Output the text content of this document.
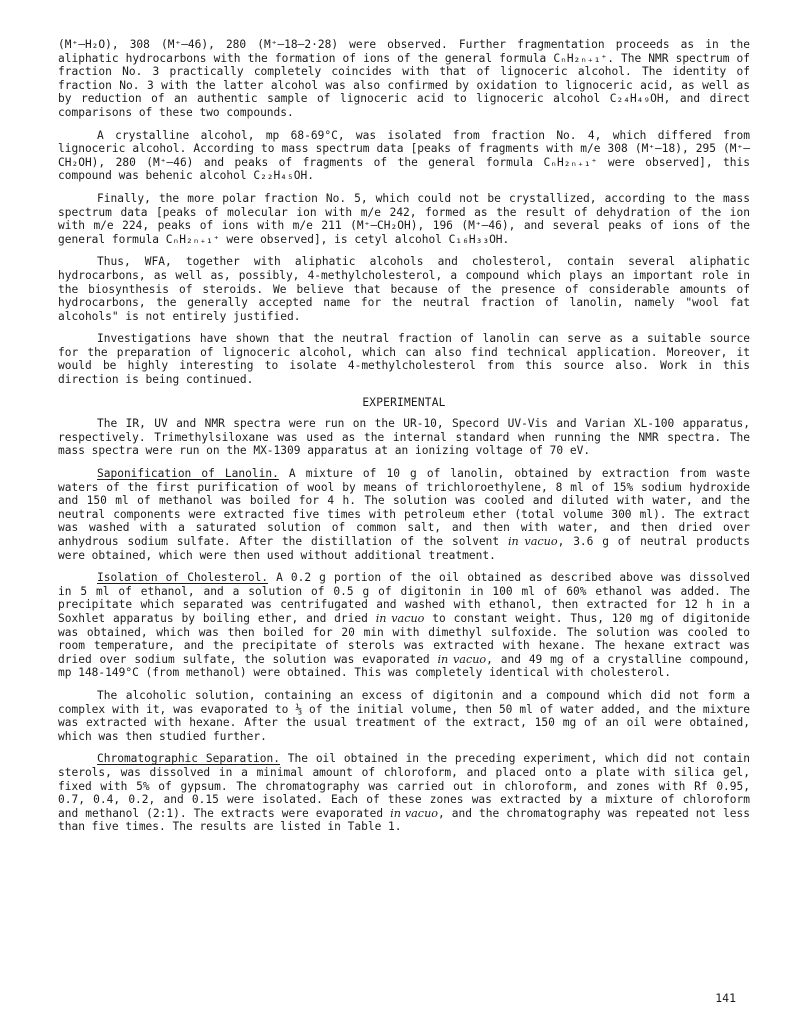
(M⁺–H₂O), 308 (M⁺–46), 280 (M⁺–18–2·28) were observed. Further fragmentation proceeds as in the aliphatic hydrocarbons with the formation of ions of the general formula CₙH₂ₙ₊₁⁺. The NMR spectrum of fraction No. 3 practically completely coincides with that of lignoceric alcohol. The identity of fraction No. 3 with the latter alcohol was also confirmed by oxidation to lignoceric acid, as well as by reduction of an authentic sample of lignoceric acid to lignoceric alcohol C₂₄H₄₉OH, and direct comparisons of these two compounds.

A crystalline alcohol, mp 68-69°C, was isolated from fraction No. 4, which differed from lignoceric alcohol. According to mass spectrum data [peaks of fragments with m/e 308 (M⁺–18), 295 (M⁺–CH₂OH), 280 (M⁺–46) and peaks of fragments of the general formula CₙH₂ₙ₊₁⁺ were observed], this compound was behenic alcohol C₂₂H₄₅OH.

Finally, the more polar fraction No. 5, which could not be crystallized, according to the mass spectrum data [peaks of molecular ion with m/e 242, formed as the result of dehydration of the ion with m/e 224, peaks of ions with m/e 211 (M⁺–CH₂OH), 196 (M⁺–46), and several peaks of ions of the general formula CₙH₂ₙ₊₁⁺ were observed], is cetyl alcohol C₁₆H₃₃OH.

Thus, WFA, together with aliphatic alcohols and cholesterol, contain several aliphatic hydrocarbons, as well as, possibly, 4-methylcholesterol, a compound which plays an important role in the biosynthesis of steroids. We believe that because of the presence of considerable amounts of hydrocarbons, the generally accepted name for the neutral fraction of lanolin, namely "wool fat alcohols" is not entirely justified.

Investigations have shown that the neutral fraction of lanolin can serve as a suitable source for the preparation of lignoceric alcohol, which can also find technical application. Moreover, it would be highly interesting to isolate 4-methylcholesterol from this source also. Work in this direction is being continued.

EXPERIMENTAL

The IR, UV and NMR spectra were run on the UR-10, Specord UV-Vis and Varian XL-100 apparatus, respectively. Trimethylsiloxane was used as the internal standard when running the NMR spectra. The mass spectra were run on the MX-1309 apparatus at an ionizing voltage of 70 eV.

Saponification of Lanolin. A mixture of 10 g of lanolin, obtained by extraction from waste waters of the first purification of wool by means of trichloroethylene, 8 ml of 15% sodium hydroxide and 150 ml of methanol was boiled for 4 h. The solution was cooled and diluted with water, and the neutral components were extracted five times with petroleum ether (total volume 300 ml). The extract was washed with a saturated solution of common salt, and then with water, and then dried over anhydrous sodium sulfate. After the distillation of the solvent in vacuo, 3.6 g of neutral products were obtained, which were then used without additional treatment.

Isolation of Cholesterol. A 0.2 g portion of the oil obtained as described above was dissolved in 5 ml of ethanol, and a solution of 0.5 g of digitonin in 100 ml of 60% ethanol was added. The precipitate which separated was centrifugated and washed with ethanol, then extracted for 12 h in a Soxhlet apparatus by boiling ether, and dried in vacuo to constant weight. Thus, 120 mg of digitonide was obtained, which was then boiled for 20 min with dimethyl sulfoxide. The solution was cooled to room temperature, and the precipitate of sterols was extracted with hexane. The hexane extract was dried over sodium sulfate, the solution was evaporated in vacuo, and 49 mg of a crystalline compound, mp 148-149°C (from methanol) were obtained. This was completely identical with cholesterol.

The alcoholic solution, containing an excess of digitonin and a compound which did not form a complex with it, was evaporated to ⅓ of the initial volume, then 50 ml of water added, and the mixture was extracted with hexane. After the usual treatment of the extract, 150 mg of an oil were obtained, which was then studied further.

Chromatographic Separation. The oil obtained in the preceding experiment, which did not contain sterols, was dissolved in a minimal amount of chloroform, and placed onto a plate with silica gel, fixed with 5% of gypsum. The chromatography was carried out in chloroform, and zones with Rf 0.95, 0.7, 0.4, 0.2, and 0.15 were isolated. Each of these zones was extracted by a mixture of chloroform and methanol (2:1). The extracts were evaporated in vacuo, and the chromatography was repeated not less than five times. The results are listed in Table 1.

141
